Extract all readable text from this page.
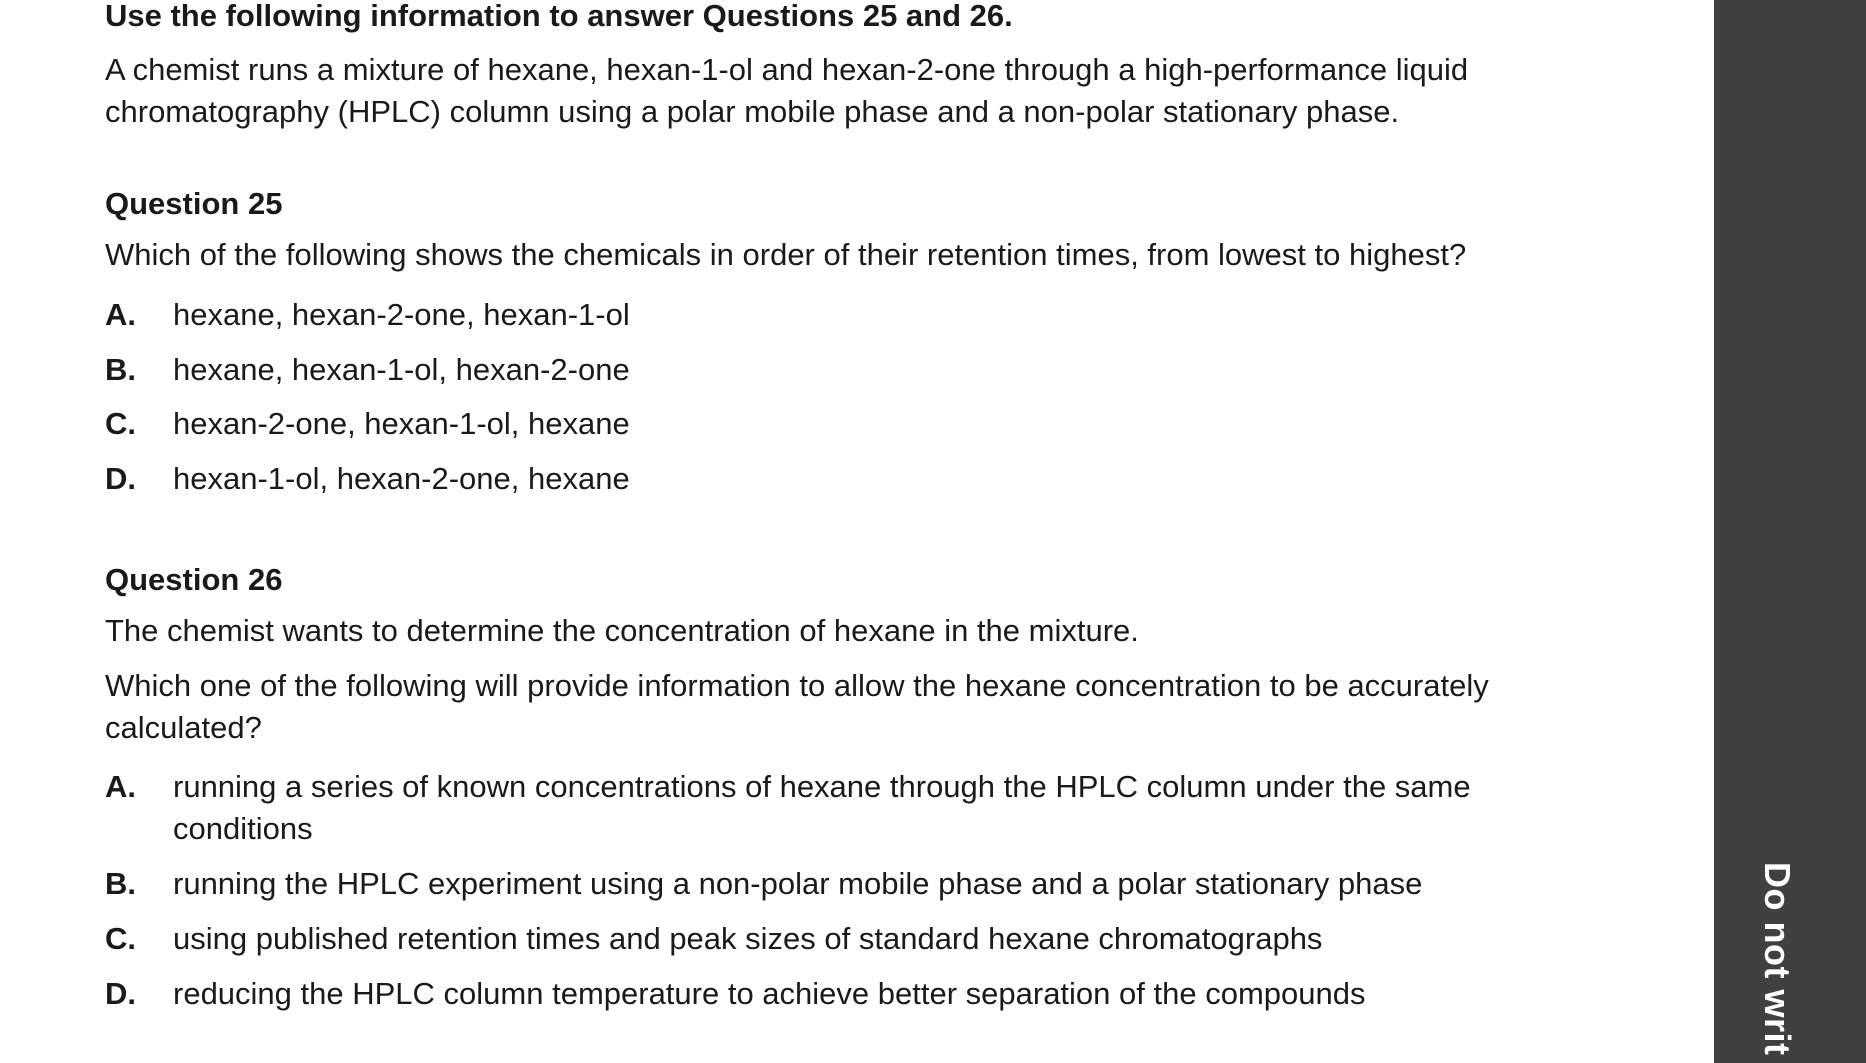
Use the following information to answer Questions 25 and 26.
A chemist runs a mixture of hexane, hexan-1-ol and hexan-2-one through a high-performance liquid
chromatography (HPLC) column using a polar mobile phase and a non-polar stationary phase.
Question 25
Which of the following shows the chemicals in order of their retention times, from lowest to highest?
A. hexane, hexan-2-one, hexan-1-ol
B. hexane, hexan-1-ol, hexan-2-one
C. hexan-2-one, hexan-1-ol, hexane
D. hexan-1-ol, hexan-2-one, hexane
Question 26
The chemist wants to determine the concentration of hexane in the mixture.
Which one of the following will provide information to allow the hexane concentration to be accurately
calculated?
A. running a series of known concentrations of hexane through the HPLC column under the same
conditions
B. running the HPLC experiment using a non-polar mobile phase and a polar stationary phase
C. using published retention times and peak sizes of standard hexane chromatographs
D. reducing the HPLC column temperature to achieve better separation of the compounds	Do not writ
